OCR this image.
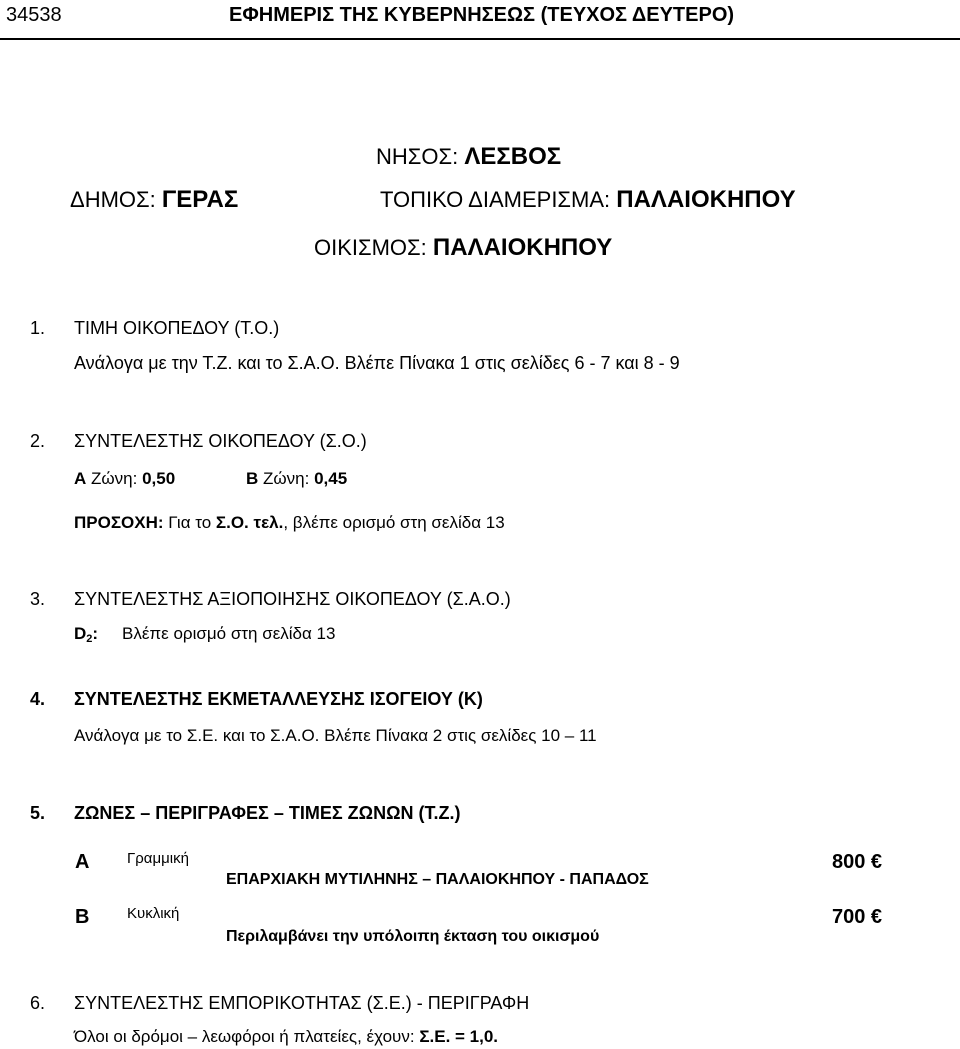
34538	ΕΦΗΜΕΡΙΣ ΤΗΣ ΚΥΒΕΡΝΗΣΕΩΣ (ΤΕΥΧΟΣ ΔΕΥΤΕΡΟ)
ΝΗΣΟΣ: ΛΕΣΒΟΣ
ΔΗΜΟΣ: ΓΕΡΑΣ	ΤΟΠΙΚΟ ΔΙΑΜΕΡΙΣΜΑ: ΠΑΛΑΙΟΚΗΠΟΥ
ΟΙΚΙΣΜΟΣ: ΠΑΛΑΙΟΚΗΠΟΥ
1. ΤΙΜΗ ΟΙΚΟΠΕΔΟΥ (Τ.Ο.)
Ανάλογα με την Τ.Ζ. και το Σ.Α.Ο. Βλέπε Πίνακα 1 στις σελίδες 6 - 7 και 8 - 9
2. ΣΥΝΤΕΛΕΣΤΗΣ ΟΙΚΟΠΕΔΟΥ (Σ.Ο.)
Α Ζώνη: 0,50	Β Ζώνη: 0,45
ΠΡΟΣΟΧΗ: Για το Σ.Ο. τελ., βλέπε ορισμό στη σελίδα 13
3. ΣΥΝΤΕΛΕΣΤΗΣ ΑΞΙΟΠΟΙΗΣΗΣ ΟΙΚΟΠΕΔΟΥ (Σ.Α.Ο.)
$D_2$: Βλέπε ορισμό στη σελίδα 13
4. ΣΥΝΤΕΛΕΣΤΗΣ ΕΚΜΕΤΑΛΛΕΥΣΗΣ ΙΣΟΓΕΙΟΥ (Κ)
Ανάλογα με το Σ.Ε. και το Σ.Α.Ο. Βλέπε Πίνακα 2 στις σελίδες 10 – 11
5. ΖΩΝΕΣ – ΠΕΡΙΓΡΑΦΕΣ – ΤΙΜΕΣ ΖΩΝΩΝ (Τ.Ζ.)
Α	Γραμμική	800 €
ΕΠΑΡΧΙΑΚΗ ΜΥΤΙΛΗΝΗΣ – ΠΑΛΑΙΟΚΗΠΟΥ - ΠΑΠΑΔΟΣ
Β	Κυκλική	700 €
Περιλαμβάνει την υπόλοιπη έκταση του οικισμού
6. ΣΥΝΤΕΛΕΣΤΗΣ ΕΜΠΟΡΙΚΟΤΗΤΑΣ (Σ.Ε.) - ΠΕΡΙΓΡΑΦΗ
Όλοι οι δρόμοι – λεωφόροι ή πλατείες, έχουν: Σ.Ε. = 1,0.
